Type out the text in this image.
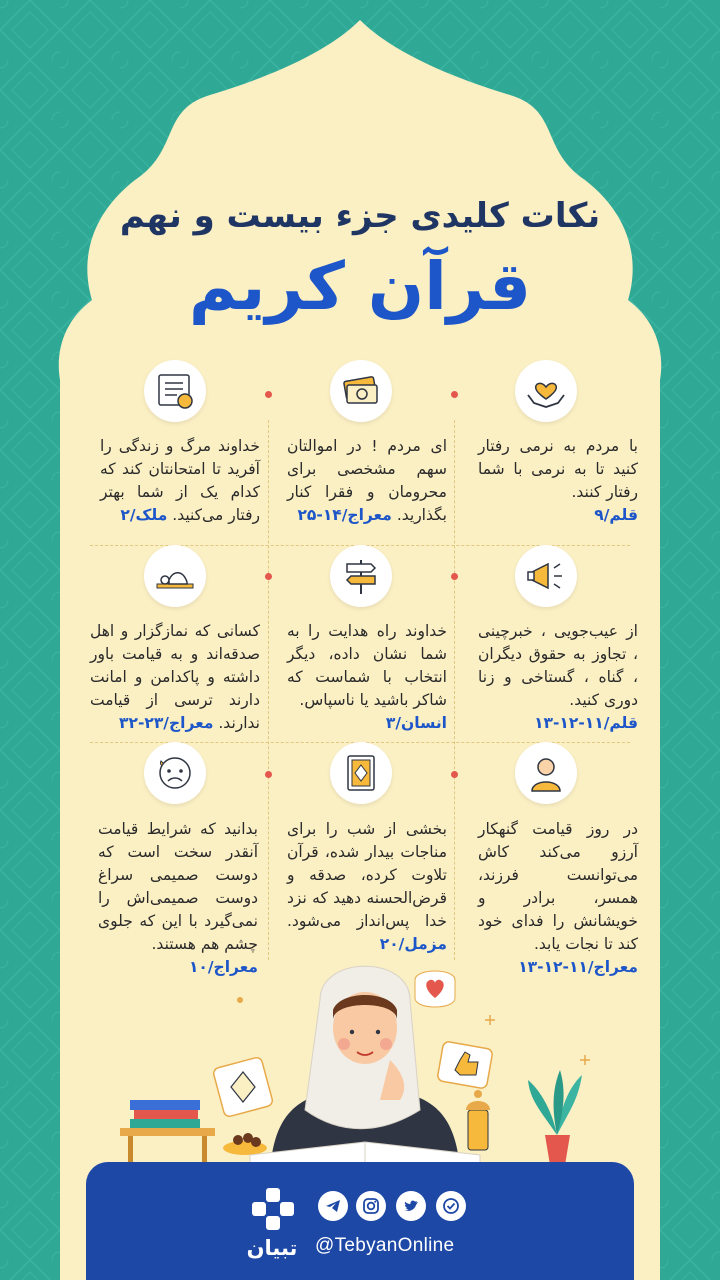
نکات کلیدی جزء بیست و نهم
قرآن کریم
با مردم به نرمی رفتار کنید تا به نرمی با شما رفتار کنند.
قلم/۹
ای مردم ! در اموالتان سهم مشخصی برای محرومان و فقرا کنار بگذارید. معراج/۱۴-۲۵
خداوند مرگ و زندگی را آفرید تا امتحانتان کند که کدام یک از شما بهتر رفتار می‌کنید. ملک/۲
از عیب‌جویی ، خبرچینی ، تجاوز به حقوق دیگران ، گناه ، گستاخی و زنا دوری کنید.
قلم/۱۱-۱۲-۱۳
خداوند راه هدایت را به شما نشان داده، دیگر انتخاب با شماست که شاکر باشید یا ناسپاس.
انسان/۳
کسانی که نمازگزار و اهل صدقه‌اند و به قیامت باور داشته و پاکدامن و امانت دارند ترسی از قیامت ندارند. معراج/۲۳-۳۲
در روز قیامت گنهکار آرزو می‌کند کاش می‌توانست فرزند، همسر، برادر و خویشانش را فدای خود کند تا نجات یابد.
معراج/۱۱-۱۲-۱۳
بخشی از شب را برای مناجات بیدار شده، قرآن تلاوت کرده، صدقه و قرض‌الحسنه دهید که نزد خدا پس‌انداز می‌شود. مزمل/۲۰
بدانید که شرایط قیامت آنقدر سخت است که دوست صمیمی سراغ دوست صمیمی‌اش را نمی‌گیرد با این که جلوی چشم هم هستند.
معراج/۱۰
تبیان @TebyanOnline
